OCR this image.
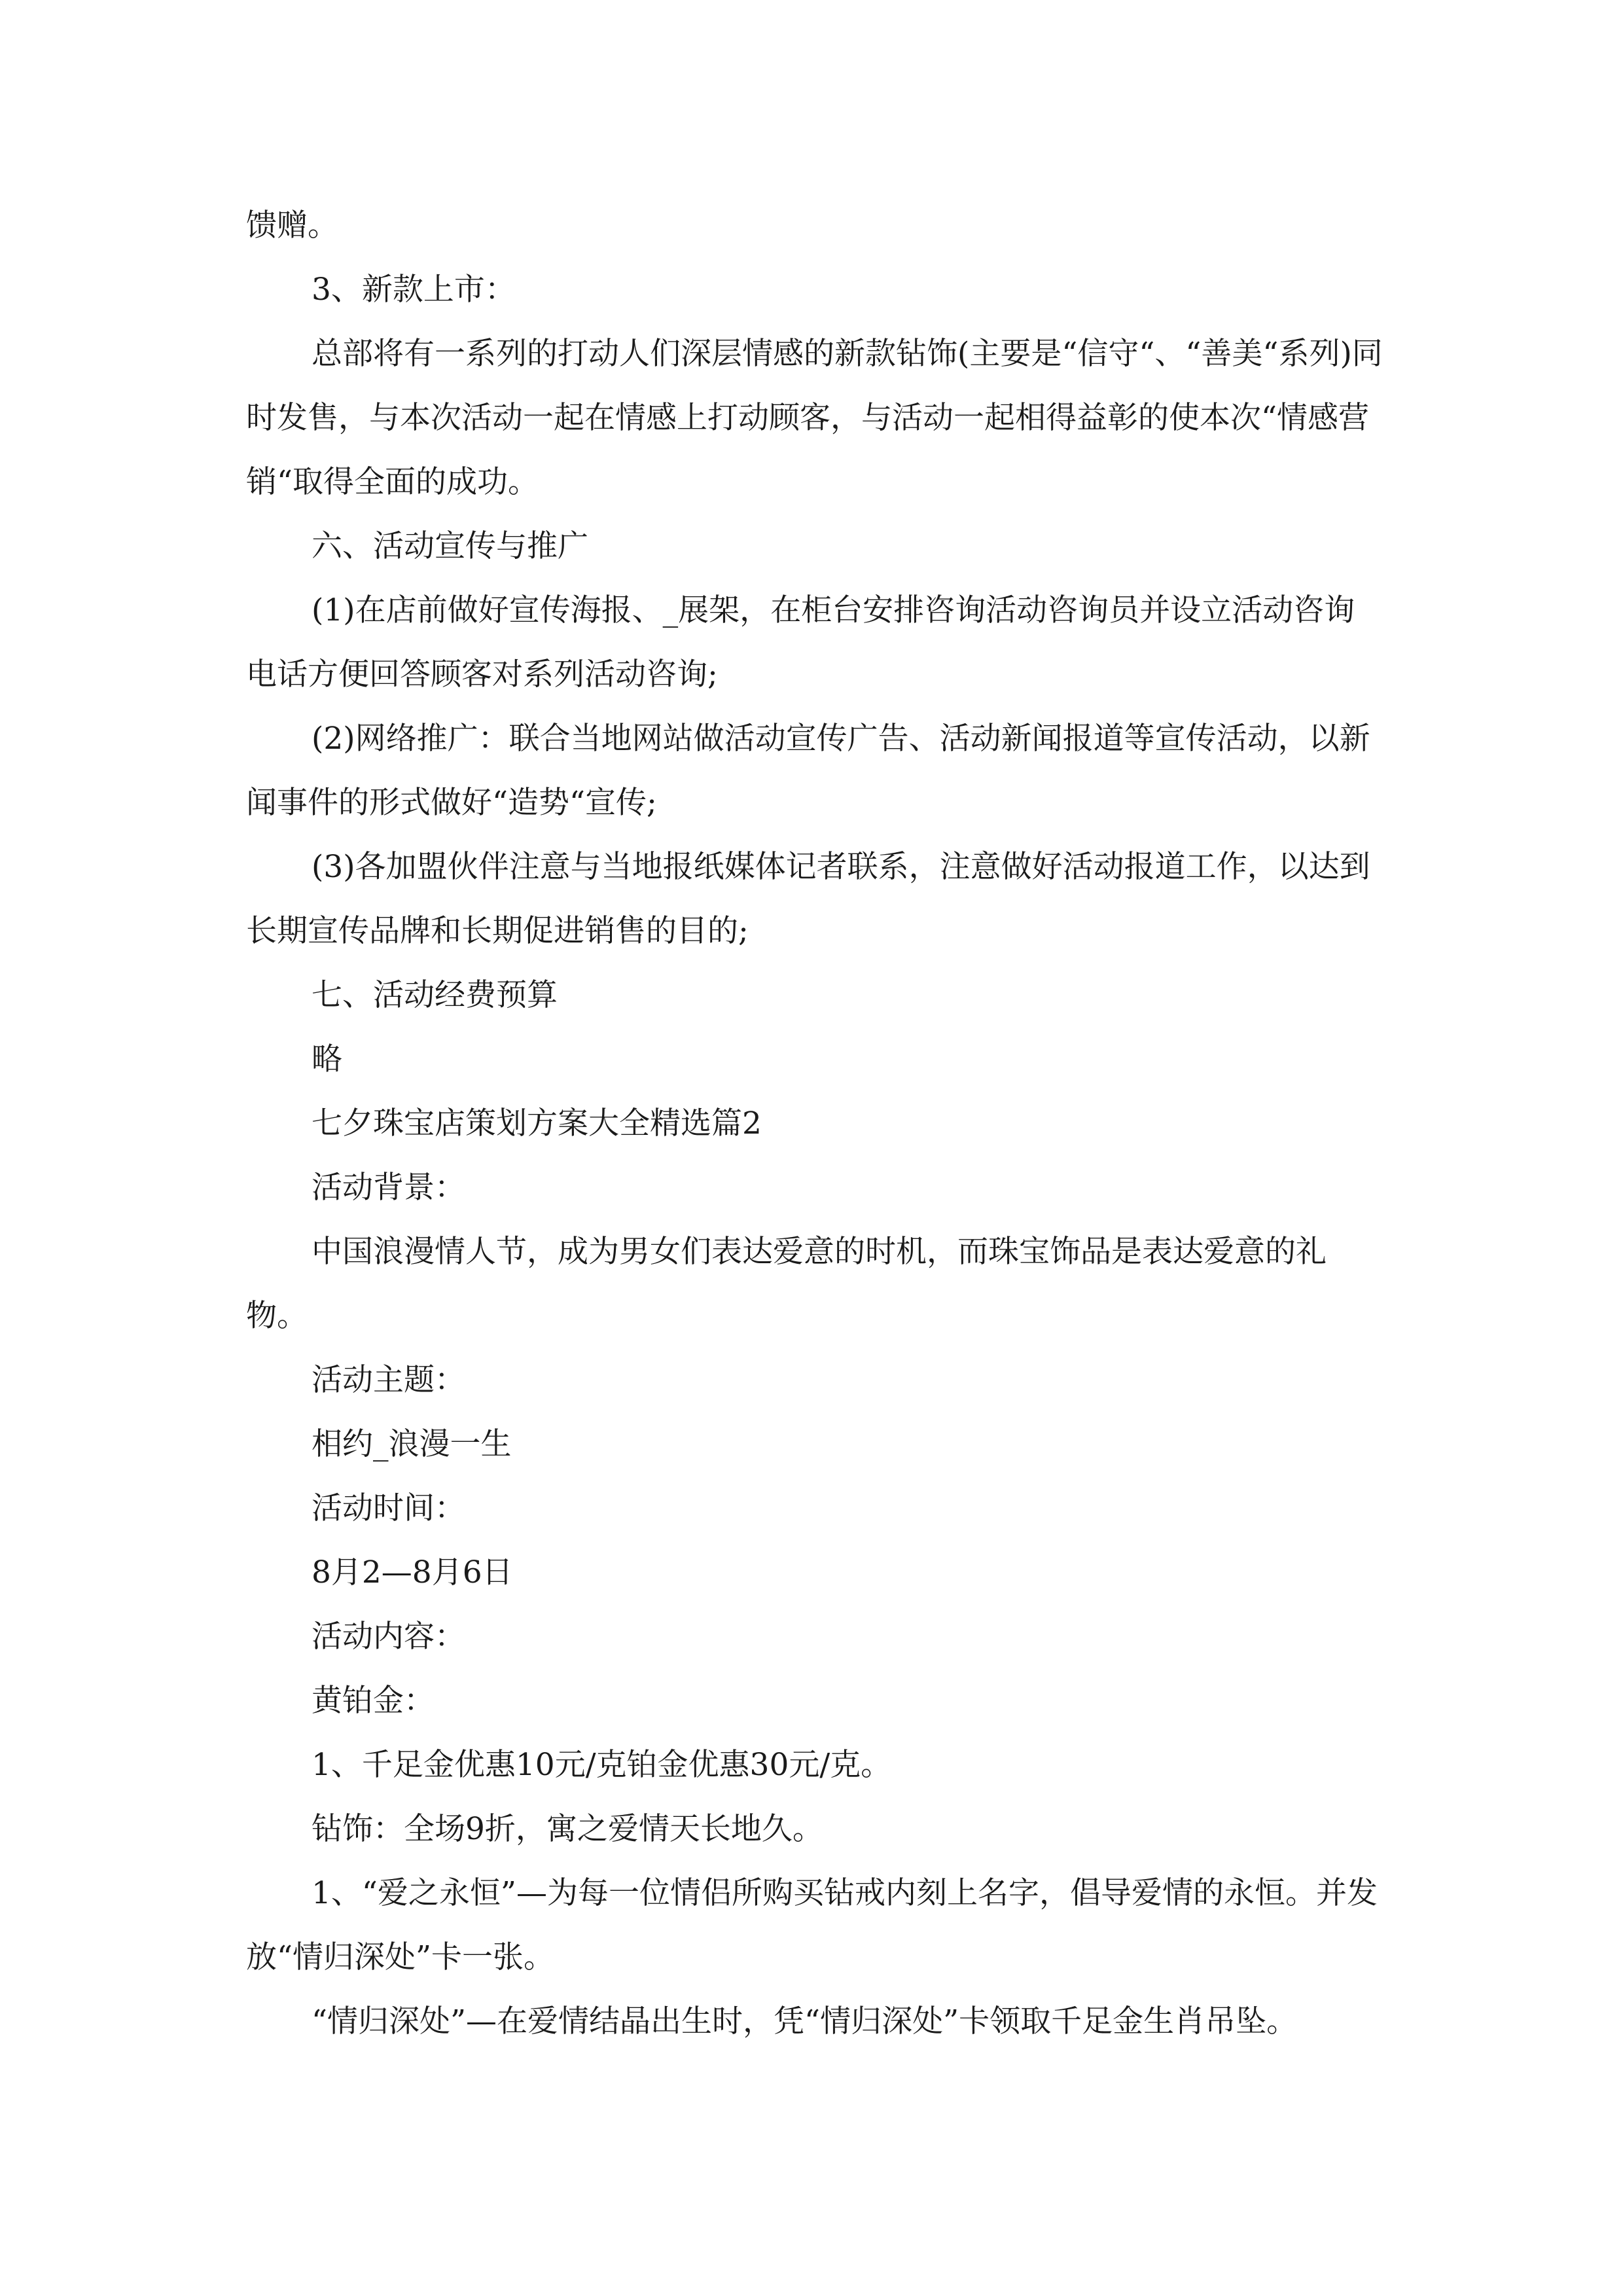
馈赠。

3、新款上市：

总部将有一系列的打动人们深层情感的新款钻饰(主要是“信守“、“善美“系列)同时发售，与本次活动一起在情感上打动顾客，与活动一起相得益彰的使本次“情感营销“取得全面的成功。

六、活动宣传与推广

(1)在店前做好宣传海报、_展架，在柜台安排咨询活动咨询员并设立活动咨询电话方便回答顾客对系列活动咨询;

(2)网络推广：联合当地网站做活动宣传广告、活动新闻报道等宣传活动，以新闻事件的形式做好“造势“宣传;

(3)各加盟伙伴注意与当地报纸媒体记者联系，注意做好活动报道工作，以达到长期宣传品牌和长期促进销售的目的;

七、活动经费预算

略

七夕珠宝店策划方案大全精选篇2

活动背景：

中国浪漫情人节，成为男女们表达爱意的时机，而珠宝饰品是表达爱意的礼物。

活动主题：

相约_浪漫一生

活动时间：

8月2—8月6日

活动内容：

黄铂金：

1、千足金优惠10元/克铂金优惠30元/克。

钻饰：全场9折，寓之爱情天长地久。

1、“爱之永恒”—为每一位情侣所购买钻戒内刻上名字，倡导爱情的永恒。并发放“情归深处”卡一张。

“情归深处”—在爱情结晶出生时，凭“情归深处”卡领取千足金生肖吊坠。
